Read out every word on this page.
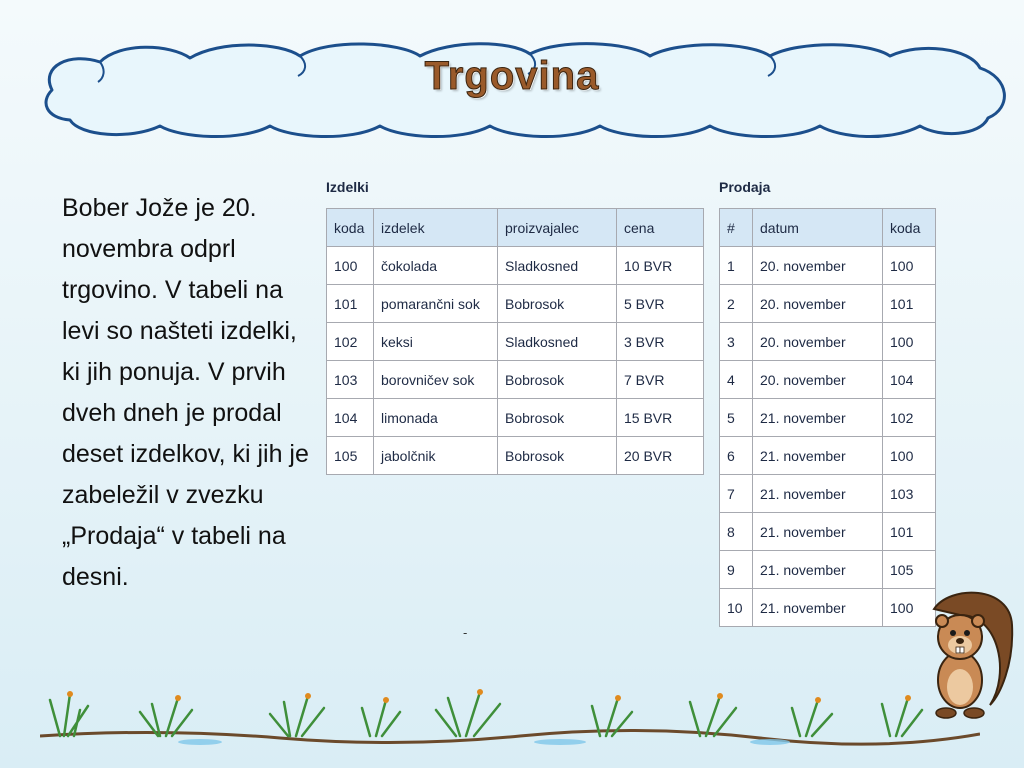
Trgovina
Bober Jože je 20. novembra odprl trgovino. V tabeli na levi so našteti izdelki, ki jih ponuja. V prvih dveh dneh je prodal deset izdelkov, ki jih je zabeležil v zvezku „Prodaja“ v tabeli na desni.
Izdelki
koda	izdelek	proizvajalec	cena
100	čokolada	Sladkosned	10 BVR
101	pomarančni sok	Bobrosok	5 BVR
102	keksi	Sladkosned	3 BVR
103	borovničev sok	Bobrosok	7 BVR
104	limonada	Bobrosok	15 BVR
105	jabolčnik	Bobrosok	20 BVR
Prodaja
#	datum	koda
1	20. november	100
2	20. november	101
3	20. november	100
4	20. november	104
5	21. november	102
6	21. november	100
7	21. november	103
8	21. november	101
9	21. november	105
10	21. november	100
-
